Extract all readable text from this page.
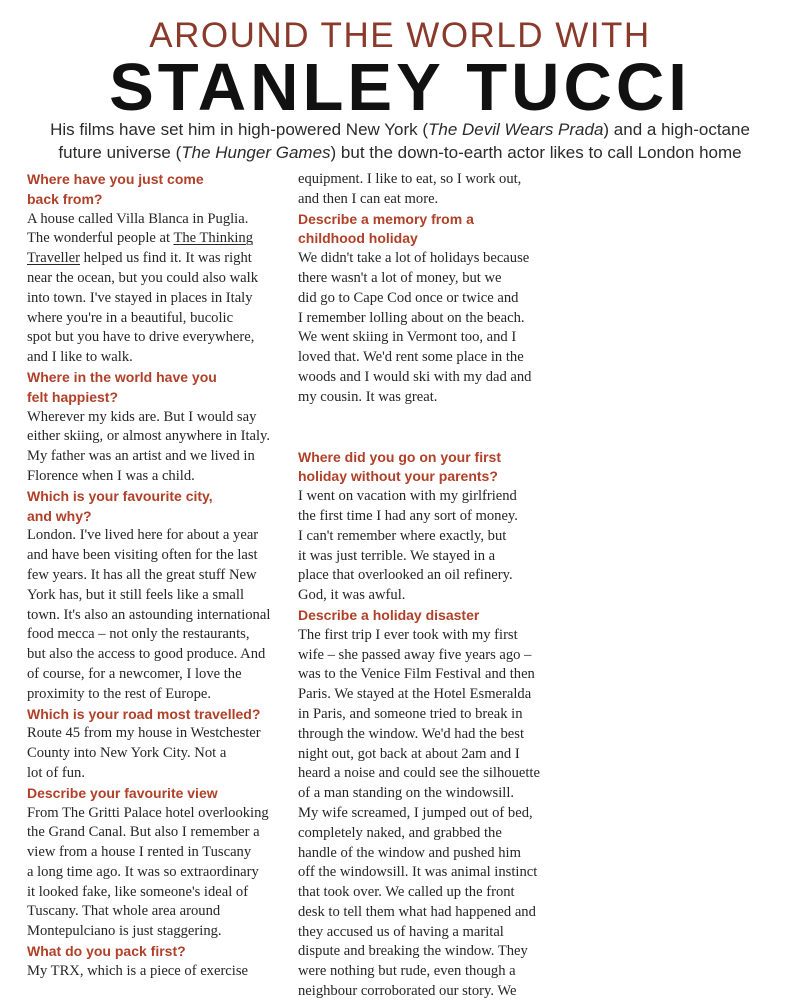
AROUND THE WORLD WITH
STANLEY TUCCI
His films have set him in high-powered New York (The Devil Wears Prada) and a high-octane
future universe (The Hunger Games) but the down-to-earth actor likes to call London home
Where have you just come
back from?
A house called Villa Blanca in Puglia.
The wonderful people at The Thinking
Traveller helped us find it. It was right
near the ocean, but you could also walk
into town. I've stayed in places in Italy
where you're in a beautiful, bucolic
spot but you have to drive everywhere,
and I like to walk.
Where in the world have you
felt happiest?
Wherever my kids are. But I would say
either skiing, or almost anywhere in Italy.
My father was an artist and we lived in
Florence when I was a child.
Which is your favourite city,
and why?
London. I've lived here for about a year
and have been visiting often for the last
few years. It has all the great stuff New
York has, but it still feels like a small
town. It's also an astounding international
food mecca – not only the restaurants,
but also the access to good produce. And
of course, for a newcomer, I love the
proximity to the rest of Europe.
Which is your road most travelled?
Route 45 from my house in Westchester
County into New York City. Not a
lot of fun.
Describe your favourite view
From The Gritti Palace hotel overlooking
the Grand Canal. But also I remember a
view from a house I rented in Tuscany
a long time ago. It was so extraordinary
it looked fake, like someone's ideal of
Tuscany. That whole area around
Montepulciano is just staggering.
What do you pack first?
My TRX, which is a piece of exercise
equipment. I like to eat, so I work out,
and then I can eat more.
Describe a memory from a
childhood holiday
We didn't take a lot of holidays because
there wasn't a lot of money, but we
did go to Cape Cod once or twice and
I remember lolling about on the beach.
We went skiing in Vermont too, and I
loved that. We'd rent some place in the
woods and I would ski with my dad and
my cousin. It was great.
Where did you go on your first
holiday without your parents?
I went on vacation with my girlfriend
the first time I had any sort of money.
I can't remember where exactly, but
it was just terrible. We stayed in a
place that overlooked an oil refinery.
God, it was awful.
Describe a holiday disaster
The first trip I ever took with my first
wife – she passed away five years ago –
was to the Venice Film Festival and then
Paris. We stayed at the Hotel Esmeralda
in Paris, and someone tried to break in
through the window. We'd had the best
night out, got back at about 2am and I
heard a noise and could see the silhouette
of a man standing on the windowsill.
My wife screamed, I jumped out of bed,
completely naked, and grabbed the
handle of the window and pushed him
off the windowsill. It was animal instinct
that took over. We called up the front
desk to tell them what had happened and
they accused us of having a marital
dispute and breaking the window. They
were nothing but rude, even though a
neighbour corroborated our story. We
